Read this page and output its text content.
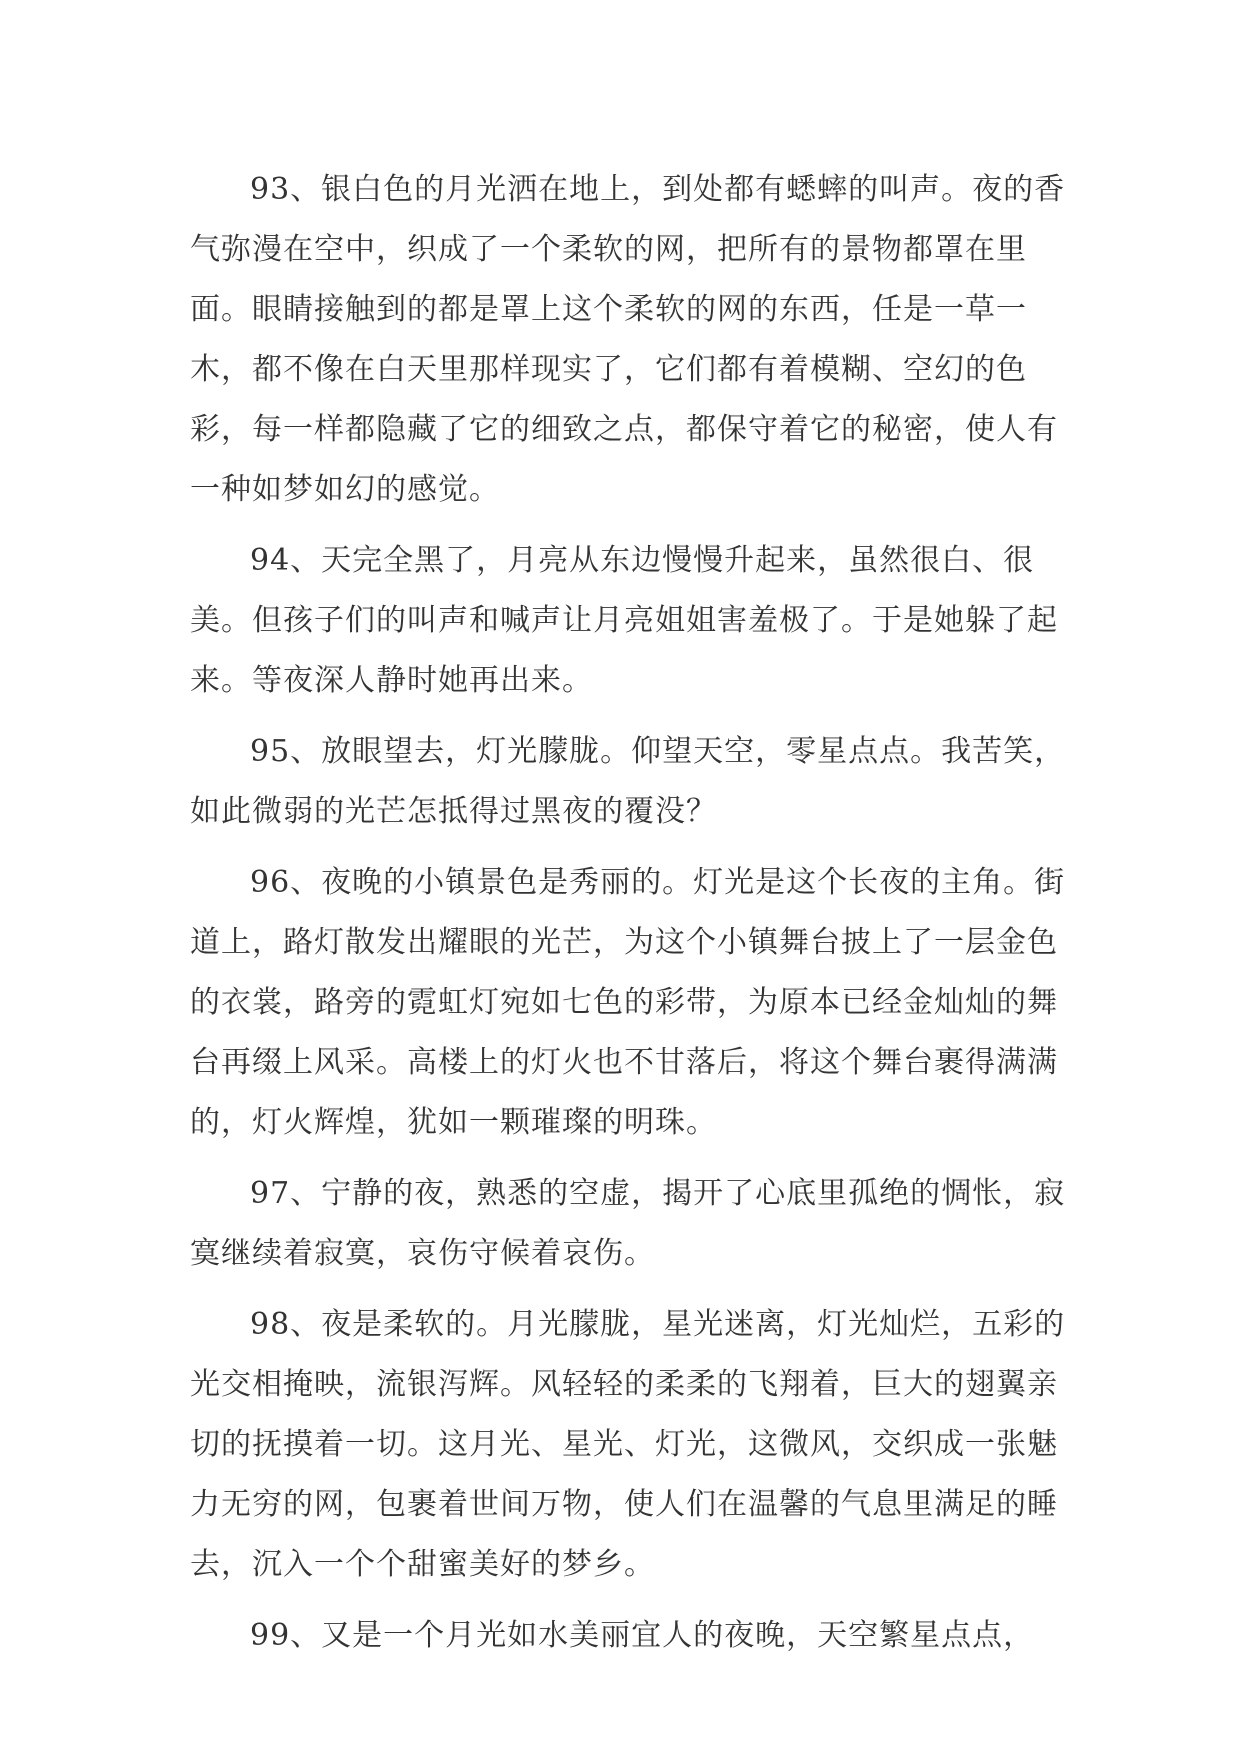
93、银白色的月光洒在地上，到处都有蟋蟀的叫声。夜的香气弥漫在空中，织成了一个柔软的网，把所有的景物都罩在里面。眼睛接触到的都是罩上这个柔软的网的东西，任是一草一木，都不像在白天里那样现实了，它们都有着模糊、空幻的色彩，每一样都隐藏了它的细致之点，都保守着它的秘密，使人有一种如梦如幻的感觉。

94、天完全黑了，月亮从东边慢慢升起来，虽然很白、很美。但孩子们的叫声和喊声让月亮姐姐害羞极了。于是她躲了起来。等夜深人静时她再出来。

95、放眼望去，灯光朦胧。仰望天空，零星点点。我苦笑，如此微弱的光芒怎抵得过黑夜的覆没？

96、夜晚的小镇景色是秀丽的。灯光是这个长夜的主角。街道上，路灯散发出耀眼的光芒，为这个小镇舞台披上了一层金色的衣裳，路旁的霓虹灯宛如七色的彩带，为原本已经金灿灿的舞台再缀上风采。高楼上的灯火也不甘落后，将这个舞台裹得满满的，灯火辉煌，犹如一颗璀璨的明珠。

97、宁静的夜，熟悉的空虚，揭开了心底里孤绝的惆怅，寂寞继续着寂寞，哀伤守候着哀伤。

98、夜是柔软的。月光朦胧，星光迷离，灯光灿烂，五彩的光交相掩映，流银泻辉。风轻轻的柔柔的飞翔着，巨大的翅翼亲切的抚摸着一切。这月光、星光、灯光，这微风，交织成一张魅力无穷的网，包裹着世间万物，使人们在温馨的气息里满足的睡去，沉入一个个甜蜜美好的梦乡。

99、又是一个月光如水美丽宜人的夜晚，天空繁星点点，
